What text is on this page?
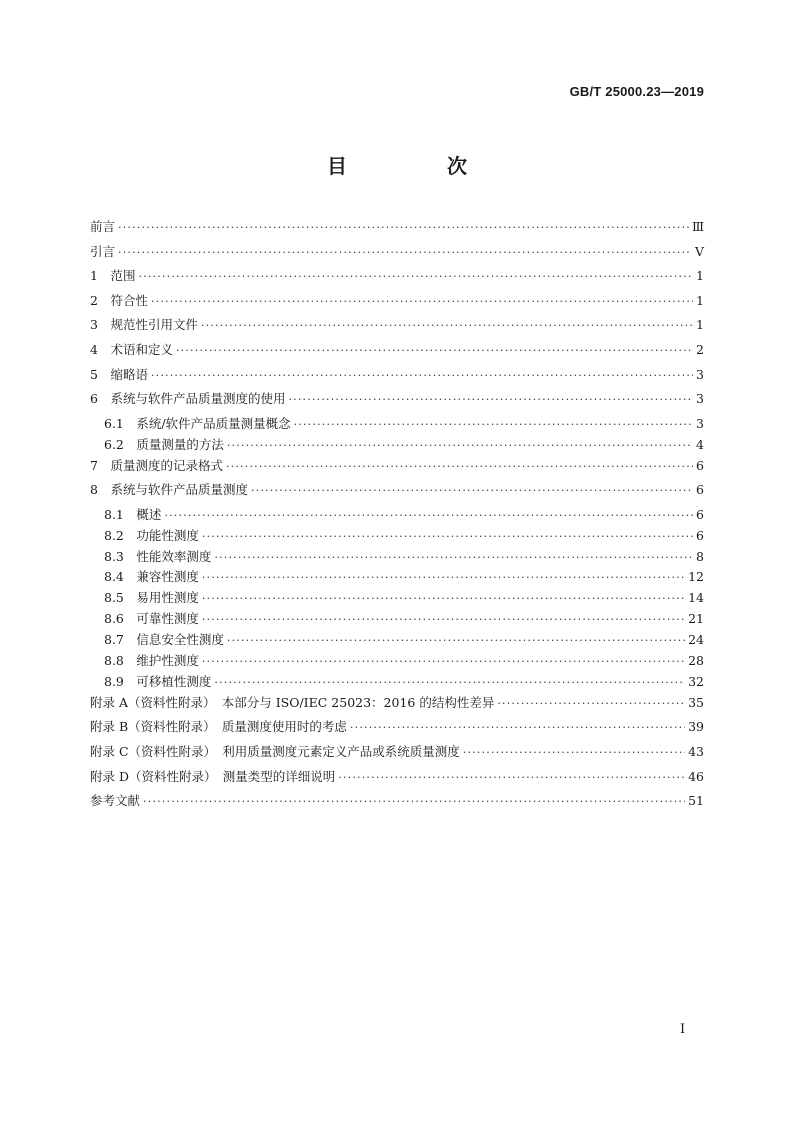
GB/T 25000.23—2019
目　次
前言 ·····	Ⅲ
引言 ·····	Ⅴ
1　范围 ·····	1
2　符合性 ·····	1
3　规范性引用文件 ·····	1
4　术语和定义 ·····	2
5　缩略语 ·····	3
6　系统与软件产品质量测度的使用 ·····	3
6.1　系统/软件产品质量测量概念 ·····	3
6.2　质量测量的方法 ·····	4
7　质量测度的记录格式 ·····	6
8　系统与软件产品质量测度 ·····	6
8.1　概述 ·····	6
8.2　功能性测度 ·····	6
8.3　性能效率测度 ·····	8
8.4　兼容性测度 ·····	12
8.5　易用性测度 ·····	14
8.6　可靠性测度 ·····	21
8.7　信息安全性测度 ·····	24
8.8　维护性测度 ·····	28
8.9　可移植性测度 ·····	32
附录 A（资料性附录）　本部分与 ISO/IEC 25023：2016 的结构性差异 ·····	35
附录 B（资料性附录）　质量测度使用时的考虑 ·····	39
附录 C（资料性附录）　利用质量测度元素定义产品或系统质量测度 ·····	43
附录 D（资料性附录）　测量类型的详细说明 ·····	46
参考文献 ·····	51
Ⅰ
